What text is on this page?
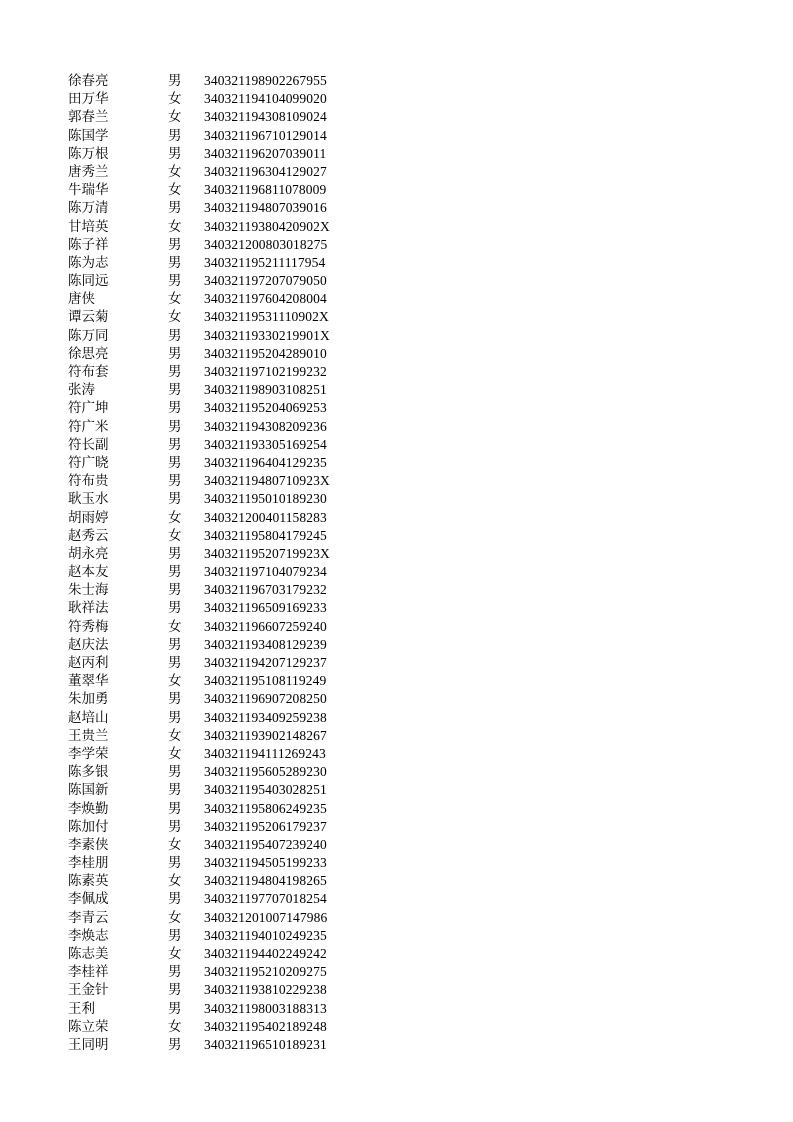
徐春亮	男	340321198902267955
田万华	女	340321194104099020
郭春兰	女	340321194308109024
陈国学	男	340321196710129014
陈万根	男	340321196207039011
唐秀兰	女	340321196304129027
牛瑞华	女	340321196811078009
陈万清	男	340321194807039016
甘培英	女	34032119380420902X
陈子祥	男	340321200803018275
陈为志	男	340321195211117954
陈同远	男	340321197207079050
唐侠	女	340321197604208004
谭云菊	女	34032119531110902X
陈万同	男	34032119330219901X
徐思亮	男	340321195204289010
符布套	男	340321197102199232
张涛	男	340321198903108251
符广坤	男	340321195204069253
符广米	男	340321194308209236
符长副	男	340321193305169254
符广晓	男	340321196404129235
符布贵	男	34032119480710923X
耿玉水	男	340321195010189230
胡雨婷	女	340321200401158283
赵秀云	女	340321195804179245
胡永亮	男	34032119520719923X
赵本友	男	340321197104079234
朱士海	男	340321196703179232
耿祥法	男	340321196509169233
符秀梅	女	340321196607259240
赵庆法	男	340321193408129239
赵丙利	男	340321194207129237
董翠华	女	340321195108119249
朱加勇	男	340321196907208250
赵培山	男	340321193409259238
王贵兰	女	340321193902148267
李学荣	女	340321194111269243
陈多银	男	340321195605289230
陈国新	男	340321195403028251
李焕勤	男	340321195806249235
陈加付	男	340321195206179237
李素侠	女	340321195407239240
李桂朋	男	340321194505199233
陈素英	女	340321194804198265
李佩成	男	340321197707018254
李青云	女	340321201007147986
李焕志	男	340321194010249235
陈志美	女	340321194402249242
李桂祥	男	340321195210209275
王金针	男	340321193810229238
王利	男	340321198003188313
陈立荣	女	340321195402189248
王同明	男	340321196510189231
